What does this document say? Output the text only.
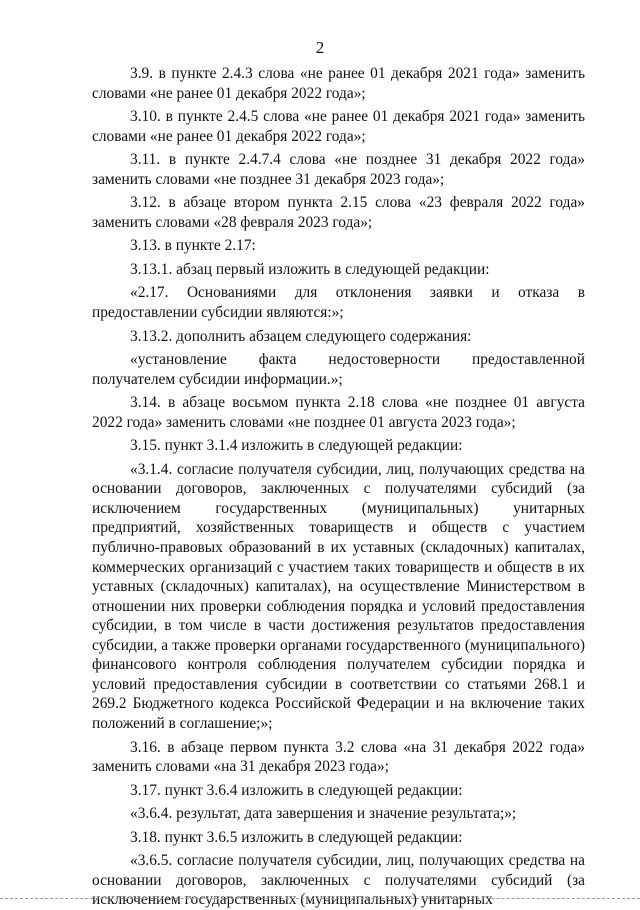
2

3.9. в пункте 2.4.3 слова «не ранее 01 декабря 2021 года» заменить словами «не ранее 01 декабря 2022 года»;

3.10. в пункте 2.4.5 слова «не ранее 01 декабря 2021 года» заменить словами «не ранее 01 декабря 2022 года»;

3.11. в пункте 2.4.7.4 слова «не позднее 31 декабря 2022 года» заменить словами «не позднее 31 декабря 2023 года»;

3.12. в абзаце втором пункта 2.15 слова «23 февраля 2022 года» заменить словами «28 февраля 2023 года»;

3.13. в пункте 2.17:

3.13.1. абзац первый изложить в следующей редакции:

«2.17. Основаниями для отклонения заявки и отказа в предоставлении субсидии являются:»;

3.13.2. дополнить абзацем следующего содержания:

«установление факта недостоверности предоставленной получателем субсидии информации.»;

3.14. в абзаце восьмом пункта 2.18 слова «не позднее 01 августа 2022 года» заменить словами «не позднее 01 августа 2023 года»;

3.15. пункт 3.1.4 изложить в следующей редакции:

«3.1.4. согласие получателя субсидии, лиц, получающих средства на основании договоров, заключенных с получателями субсидий (за исключением государственных (муниципальных) унитарных предприятий, хозяйственных товариществ и обществ с участием публично-правовых образований в их уставных (складочных) капиталах, коммерческих организаций с участием таких товариществ и обществ в их уставных (складочных) капиталах), на осуществление Министерством в отношении них проверки соблюдения порядка и условий предоставления субсидии, в том числе в части достижения результатов предоставления субсидии, а также проверки органами государственного (муниципального) финансового контроля соблюдения получателем субсидии порядка и условий предоставления субсидии в соответствии со статьями 268.1 и 269.2 Бюджетного кодекса Российской Федерации и на включение таких положений в соглашение;»;

3.16. в абзаце первом пункта 3.2 слова «на 31 декабря 2022 года» заменить словами «на 31 декабря 2023 года»;

3.17. пункт 3.6.4 изложить в следующей редакции:

«3.6.4. результат, дата завершения и значение результата;»;

3.18. пункт 3.6.5 изложить в следующей редакции:

«3.6.5. согласие получателя субсидии, лиц, получающих средства на основании договоров, заключенных с получателями субсидий (за исключением государственных (муниципальных) унитарных
